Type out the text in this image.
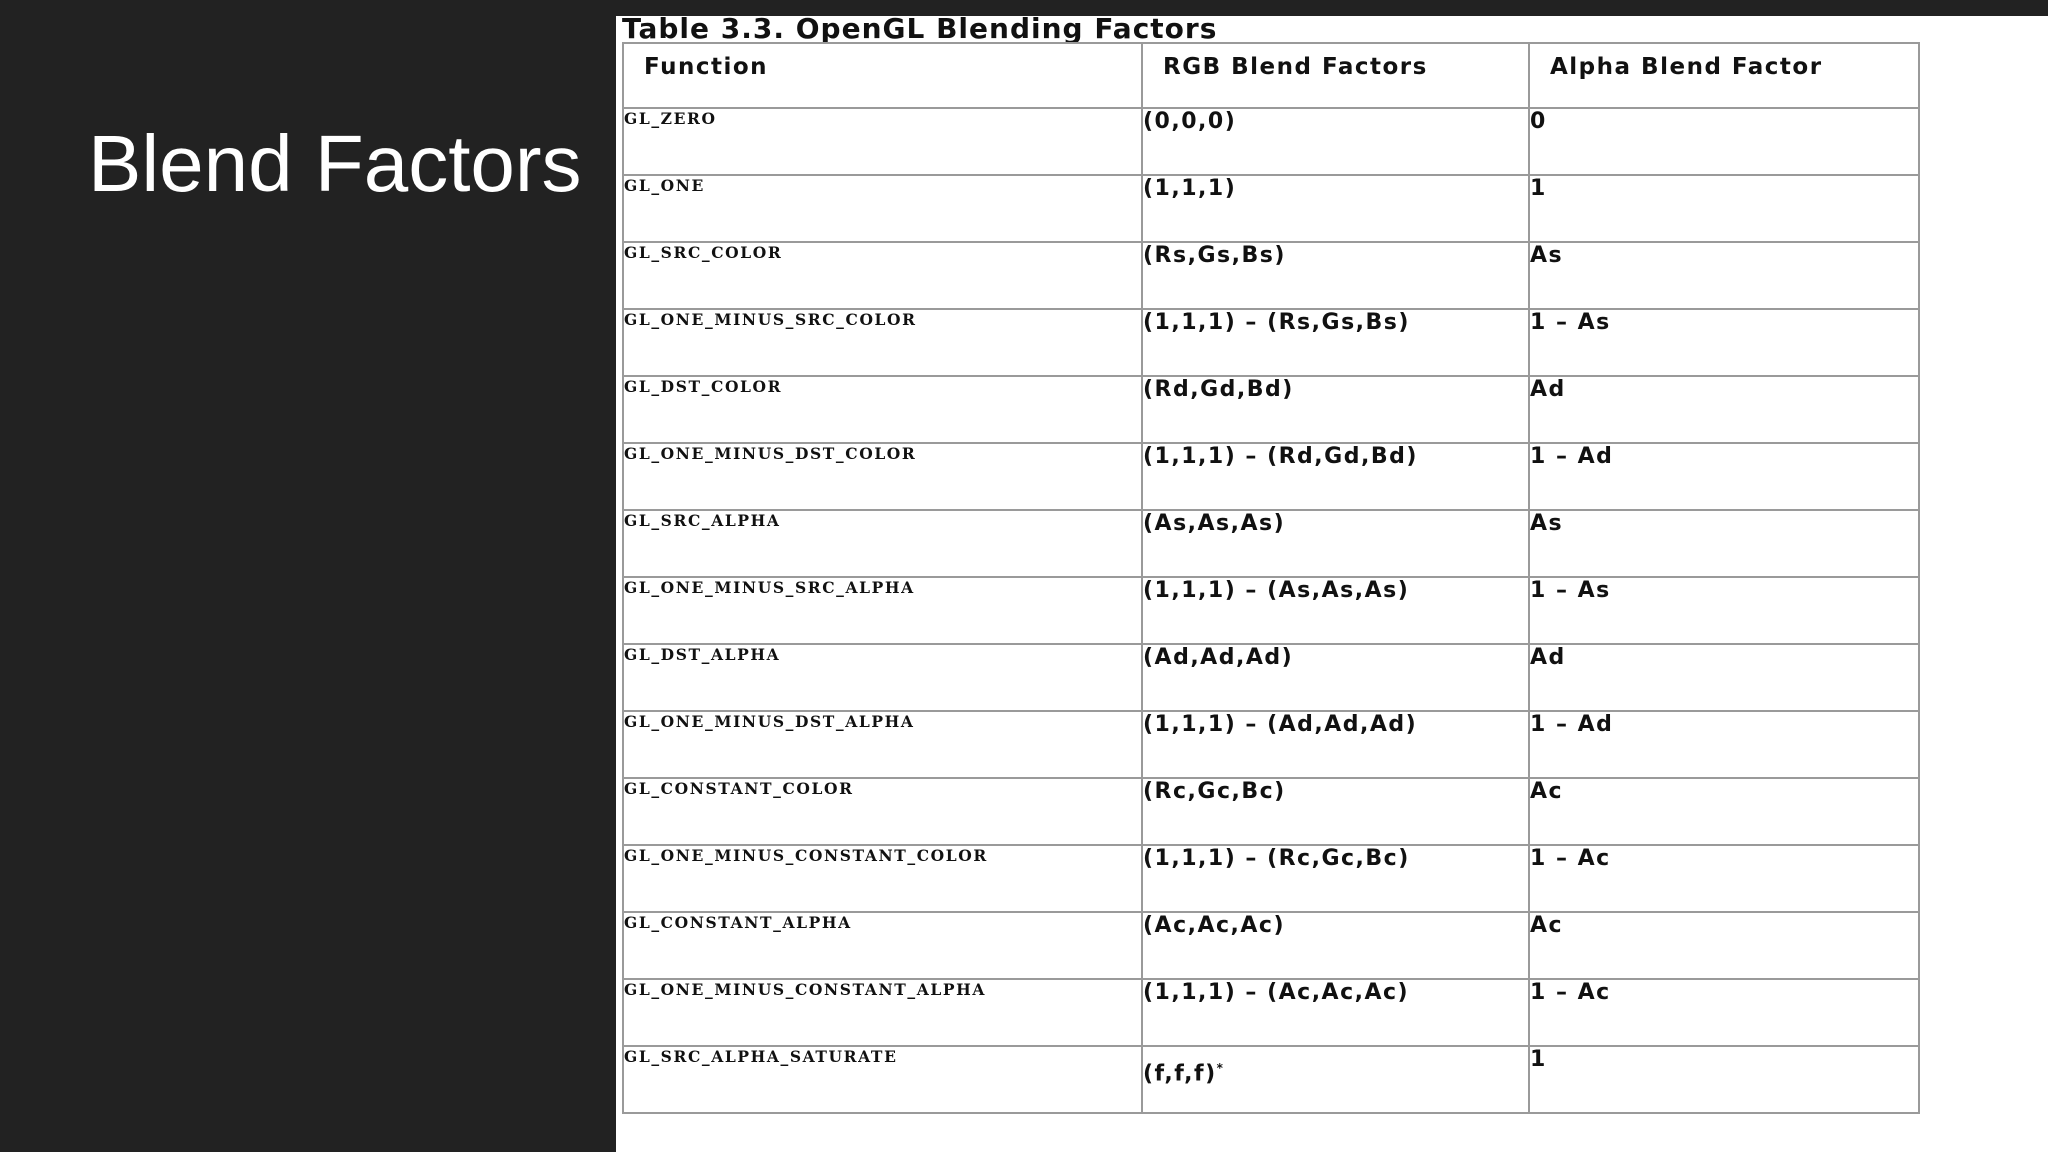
Blend Factors
Table 3.3. OpenGL Blending Factors
Function	RGB Blend Factors	Alpha Blend Factor
GL_ZERO	(0,0,0)	0
GL_ONE	(1,1,1)	1
GL_SRC_COLOR	(Rs,Gs,Bs)	As
GL_ONE_MINUS_SRC_COLOR	(1,1,1) – (Rs,Gs,Bs)	1 – As
GL_DST_COLOR	(Rd,Gd,Bd)	Ad
GL_ONE_MINUS_DST_COLOR	(1,1,1) – (Rd,Gd,Bd)	1 – Ad
GL_SRC_ALPHA	(As,As,As)	As
GL_ONE_MINUS_SRC_ALPHA	(1,1,1) – (As,As,As)	1 – As
GL_DST_ALPHA	(Ad,Ad,Ad)	Ad
GL_ONE_MINUS_DST_ALPHA	(1,1,1) – (Ad,Ad,Ad)	1 – Ad
GL_CONSTANT_COLOR	(Rc,Gc,Bc)	Ac
GL_ONE_MINUS_CONSTANT_COLOR	(1,1,1) – (Rc,Gc,Bc)	1 – Ac
GL_CONSTANT_ALPHA	(Ac,Ac,Ac)	Ac
GL_ONE_MINUS_CONSTANT_ALPHA	(1,1,1) – (Ac,Ac,Ac)	1 – Ac
GL_SRC_ALPHA_SATURATE	(f,f,f)*	1
